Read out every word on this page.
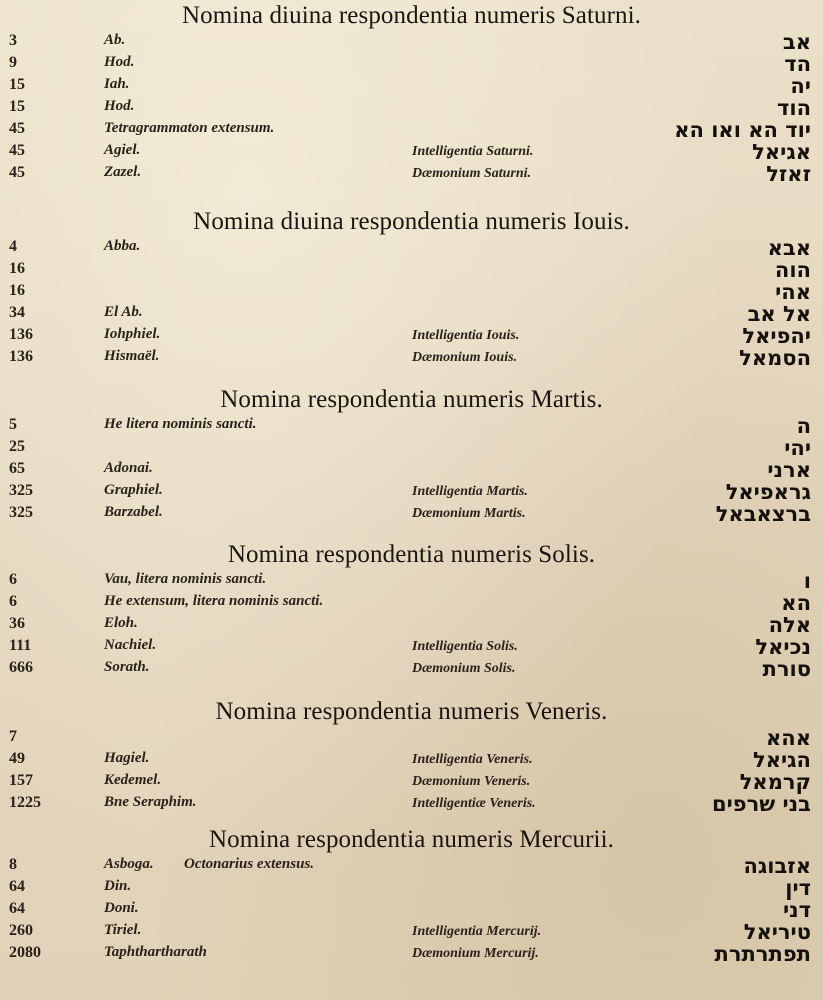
Nomina diuina respondentia numeris Saturni.
3	Ab.	אב
9	Hod.	הד
15	Iah.	יה
15	Hod.	הוד
45	Tetragrammaton extensum.	יוד הא ואו הא
45	Agiel.	Intelligentia Saturni.	אגיאל
45	Zazel.	Dæmonium Saturni.	זאזל
Nomina diuina respondentia numeris Iouis.
4	Abba.	אבא
16	הוה
16	אהי
34	El Ab.	אל אב
136	Iohphiel.	Intelligentia Iouis.	יהפיאל
136	Hismaël.	Dæmonium Iouis.	הסמאל
Nomina respondentia numeris Martis.
5	He litera nominis sancti.	ה
25	יהי
65	Adonai.	ארני
325	Graphiel.	Intelligentia Martis.	גראפיאל
325	Barzabel.	Dæmonium Martis.	ברצאבאל
Nomina respondentia numeris Solis.
6	Vau, litera nominis sancti.	ו
6	He extensum, litera nominis sancti.	הא
36	Eloh.	אלה
111	Nachiel.	Intelligentia Solis.	נכיאל
666	Sorath.	Dæmonium Solis.	סורת
Nomina respondentia numeris Veneris.
7	אהא
49	Hagiel.	Intelligentia Veneris.	הגיאל
157	Kedemel.	Dæmonium Veneris.	קרמאל
1225	Bne Seraphim.	Intelligentiæ Veneris.	בני שרפים
Nomina respondentia numeris Mercurii.
8	Asboga. Octonarius extensus.	אזבוגה
64	Din.	דין
64	Doni.	דני
260	Tiriel.	Intelligentia Mercurij.	טיריאל
2080	Taphthartharath	Dæmonium Mercurij.	תפתרתרת
